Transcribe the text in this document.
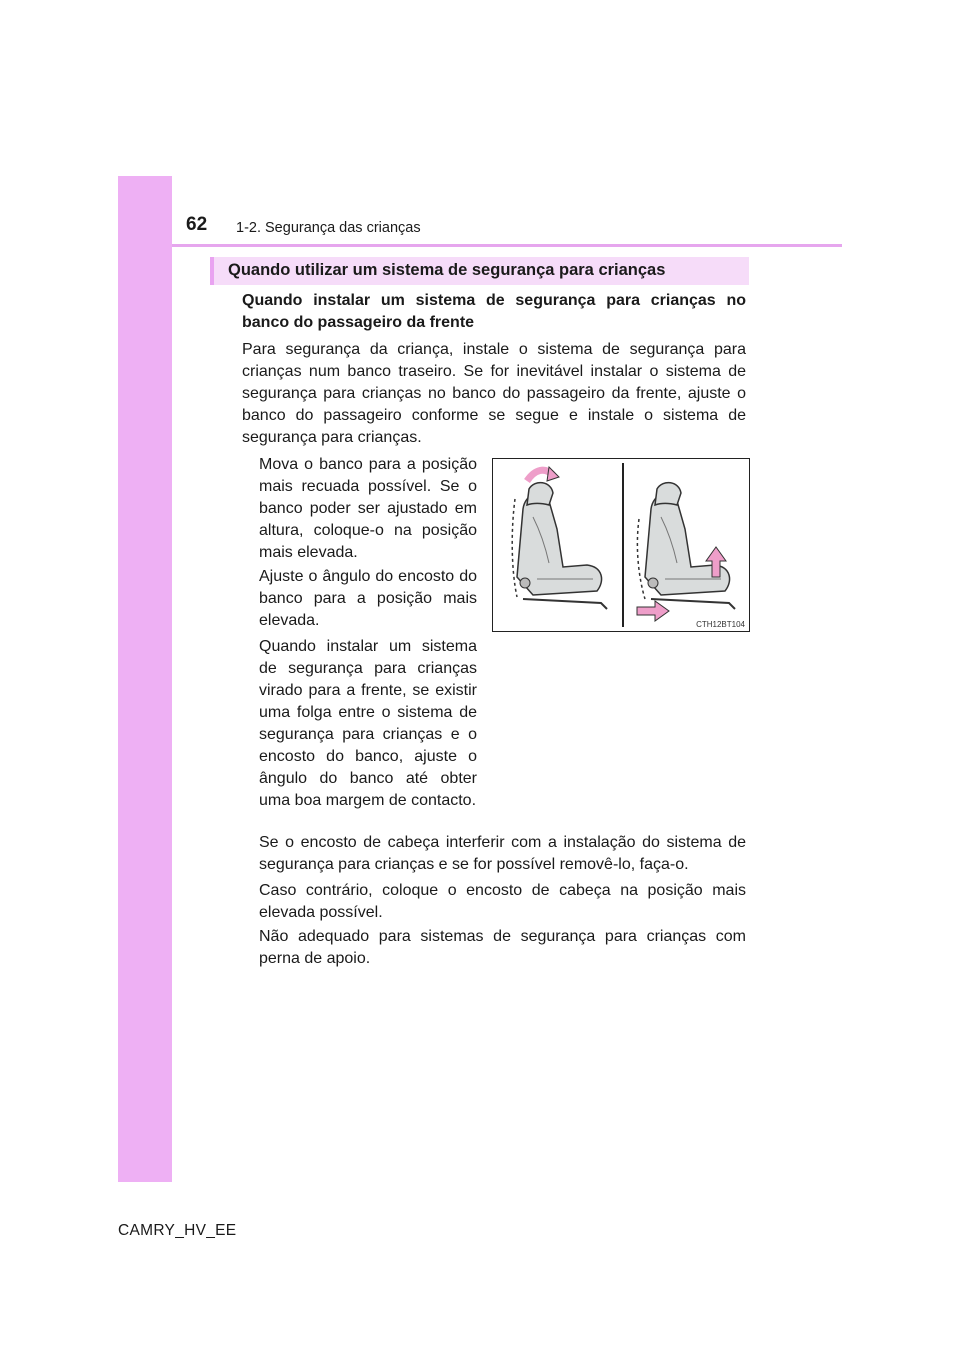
62 1-2. Segurança das crianças
Quando utilizar um sistema de segurança para crianças
Quando instalar um sistema de segurança para crianças no banco do passageiro da frente
Para segurança da criança, instale o sistema de segurança para crianças num banco traseiro. Se for inevitável instalar o sistema de segurança para crianças no banco do passageiro da frente, ajuste o banco do passageiro conforme se segue e instale o sistema de segurança para crianças.
Mova o banco para a posição mais recuada possível. Se o banco poder ser ajustado em altura, coloque-o na posição mais elevada.
Ajuste o ângulo do encosto do banco para a posição mais elevada.
Quando instalar um sistema de segurança para crianças virado para a frente, se existir uma folga entre o sistema de segurança para crianças e o encosto do banco, ajuste o ângulo do banco até obter uma boa margem de contacto.
CTH12BT104
Se o encosto de cabeça interferir com a instalação do sistema de segurança para crianças e se for possível removê-lo, faça-o.
Caso contrário, coloque o encosto de cabeça na posição mais elevada possível.
Não adequado para sistemas de segurança para crianças com perna de apoio.
CAMRY_HV_EE
